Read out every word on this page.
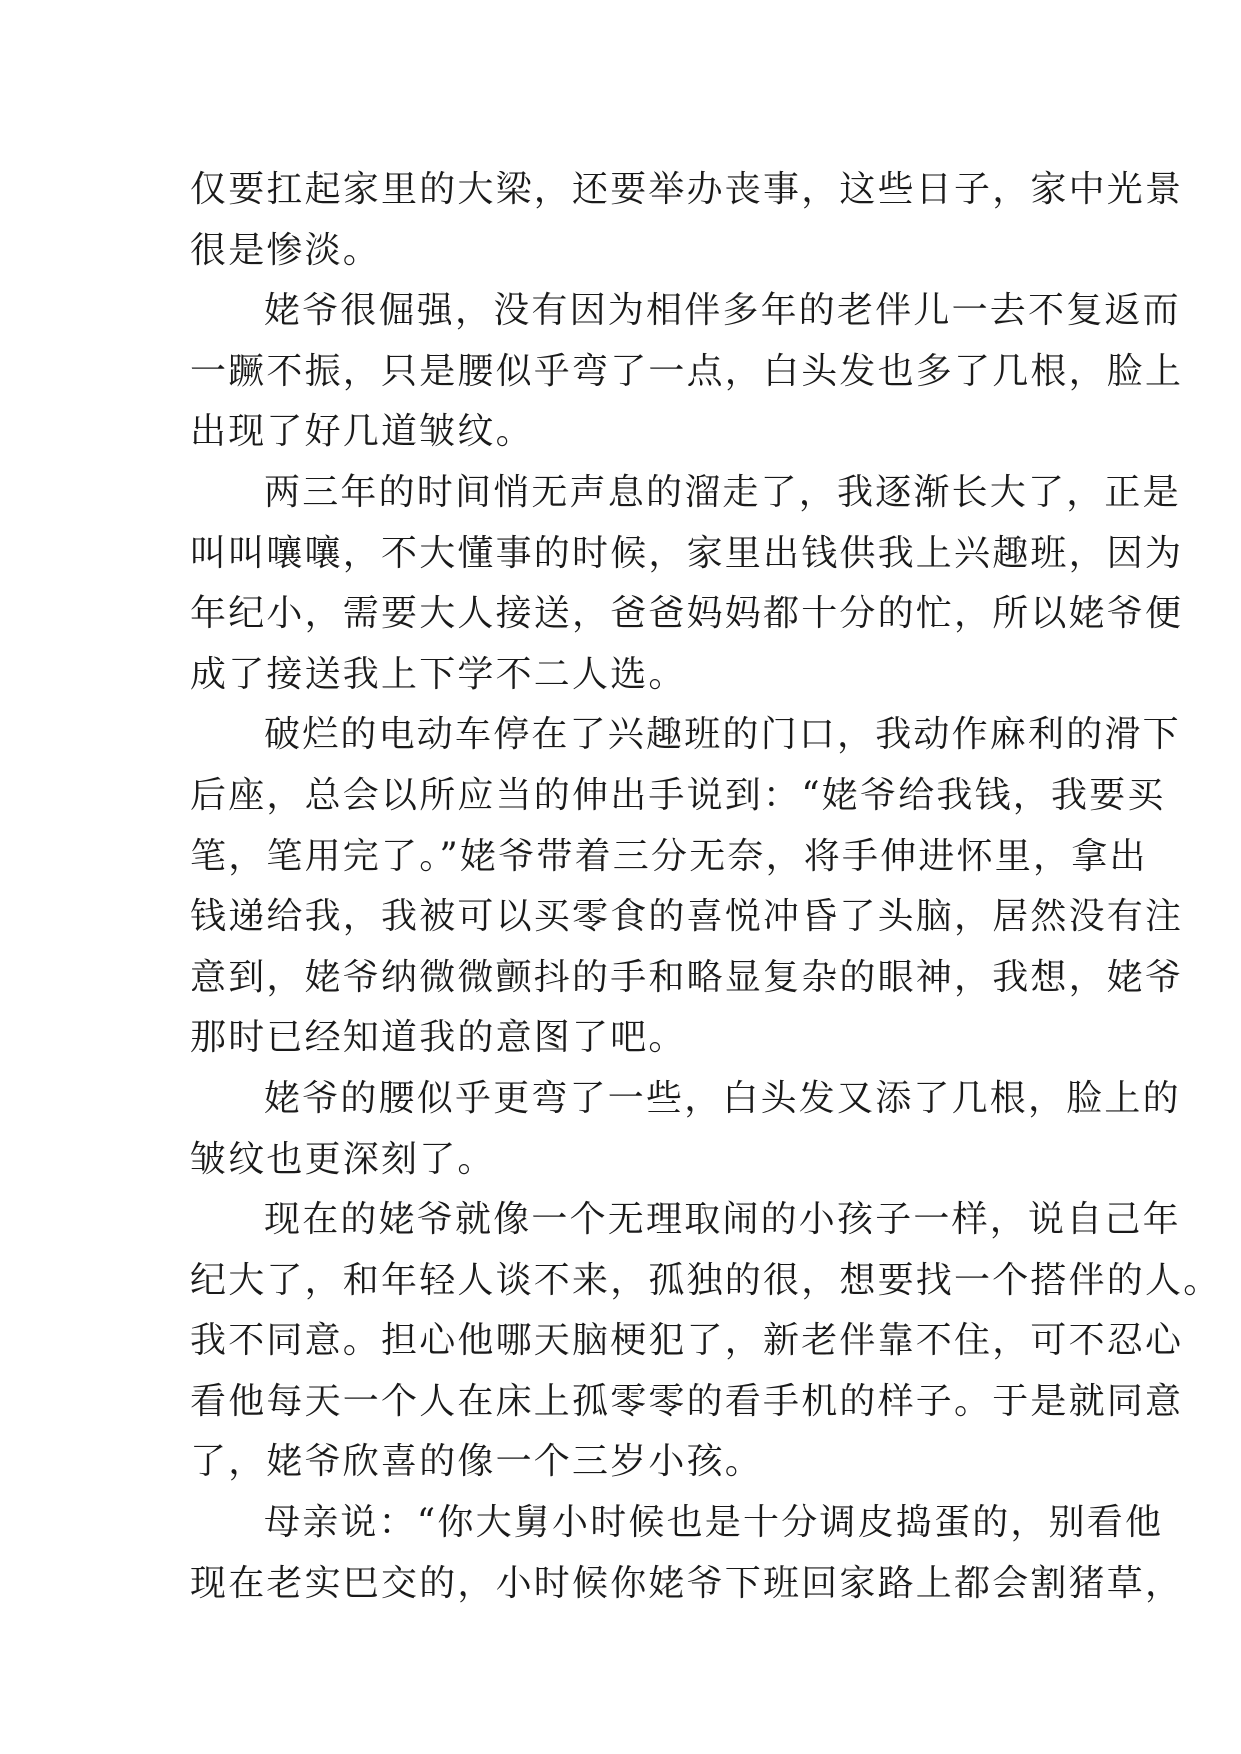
仅要扛起家里的大梁，还要举办丧事，这些日子，家中光景
很是惨淡。
姥爷很倔强，没有因为相伴多年的老伴儿一去不复返而
一蹶不振，只是腰似乎弯了一点，白头发也多了几根，脸上
出现了好几道皱纹。
两三年的时间悄无声息的溜走了，我逐渐长大了，正是
叫叫嚷嚷，不大懂事的时候，家里出钱供我上兴趣班，因为
年纪小，需要大人接送，爸爸妈妈都十分的忙，所以姥爷便
成了接送我上下学不二人选。
破烂的电动车停在了兴趣班的门口，我动作麻利的滑下
后座，总会以所应当的伸出手说到：“姥爷给我钱，我要买
笔，笔用完了。”姥爷带着三分无奈，将手伸进怀里，拿出
钱递给我，我被可以买零食的喜悦冲昏了头脑，居然没有注
意到，姥爷纳微微颤抖的手和略显复杂的眼神，我想，姥爷
那时已经知道我的意图了吧。
姥爷的腰似乎更弯了一些，白头发又添了几根，脸上的
皱纹也更深刻了。
现在的姥爷就像一个无理取闹的小孩子一样，说自己年
纪大了，和年轻人谈不来，孤独的很，想要找一个搭伴的人。
我不同意。担心他哪天脑梗犯了，新老伴靠不住，可不忍心
看他每天一个人在床上孤零零的看手机的样子。于是就同意
了，姥爷欣喜的像一个三岁小孩。
母亲说：“你大舅小时候也是十分调皮捣蛋的，别看他
现在老实巴交的，小时候你姥爷下班回家路上都会割猪草，
